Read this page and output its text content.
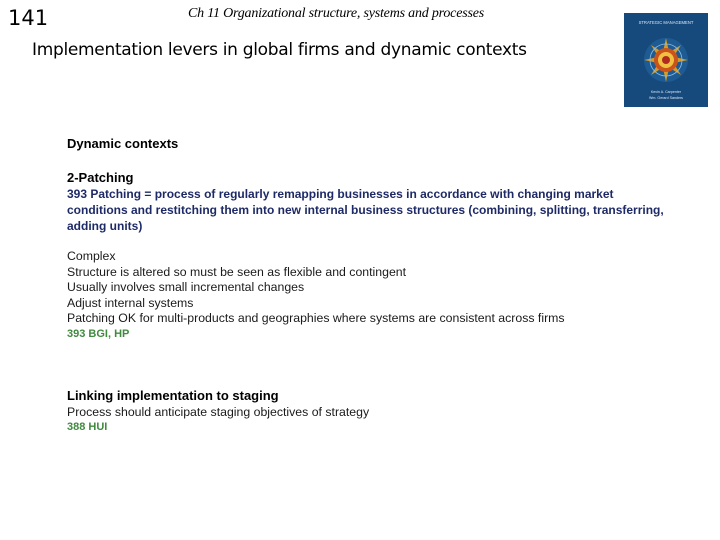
141	Ch 11 Organizational structure, systems and processes
Implementation levers in global firms and dynamic contexts
STRATEGIC MANAGEMENT
Kevin A. Carpenter
Wm. Gerard Sanders
Dynamic contexts
2-Patching
393 Patching = process of regularly remapping businesses in accordance with changing market conditions and restitching them into new internal business structures (combining, splitting, transferring, adding units)
Complex
Structure is altered so must be seen as flexible and contingent
Usually involves small incremental changes
Adjust internal systems
Patching OK for multi-products and geographies where systems are consistent across firms
393 BGI, HP
Linking implementation to staging
Process should anticipate staging objectives of strategy
388 HUI
